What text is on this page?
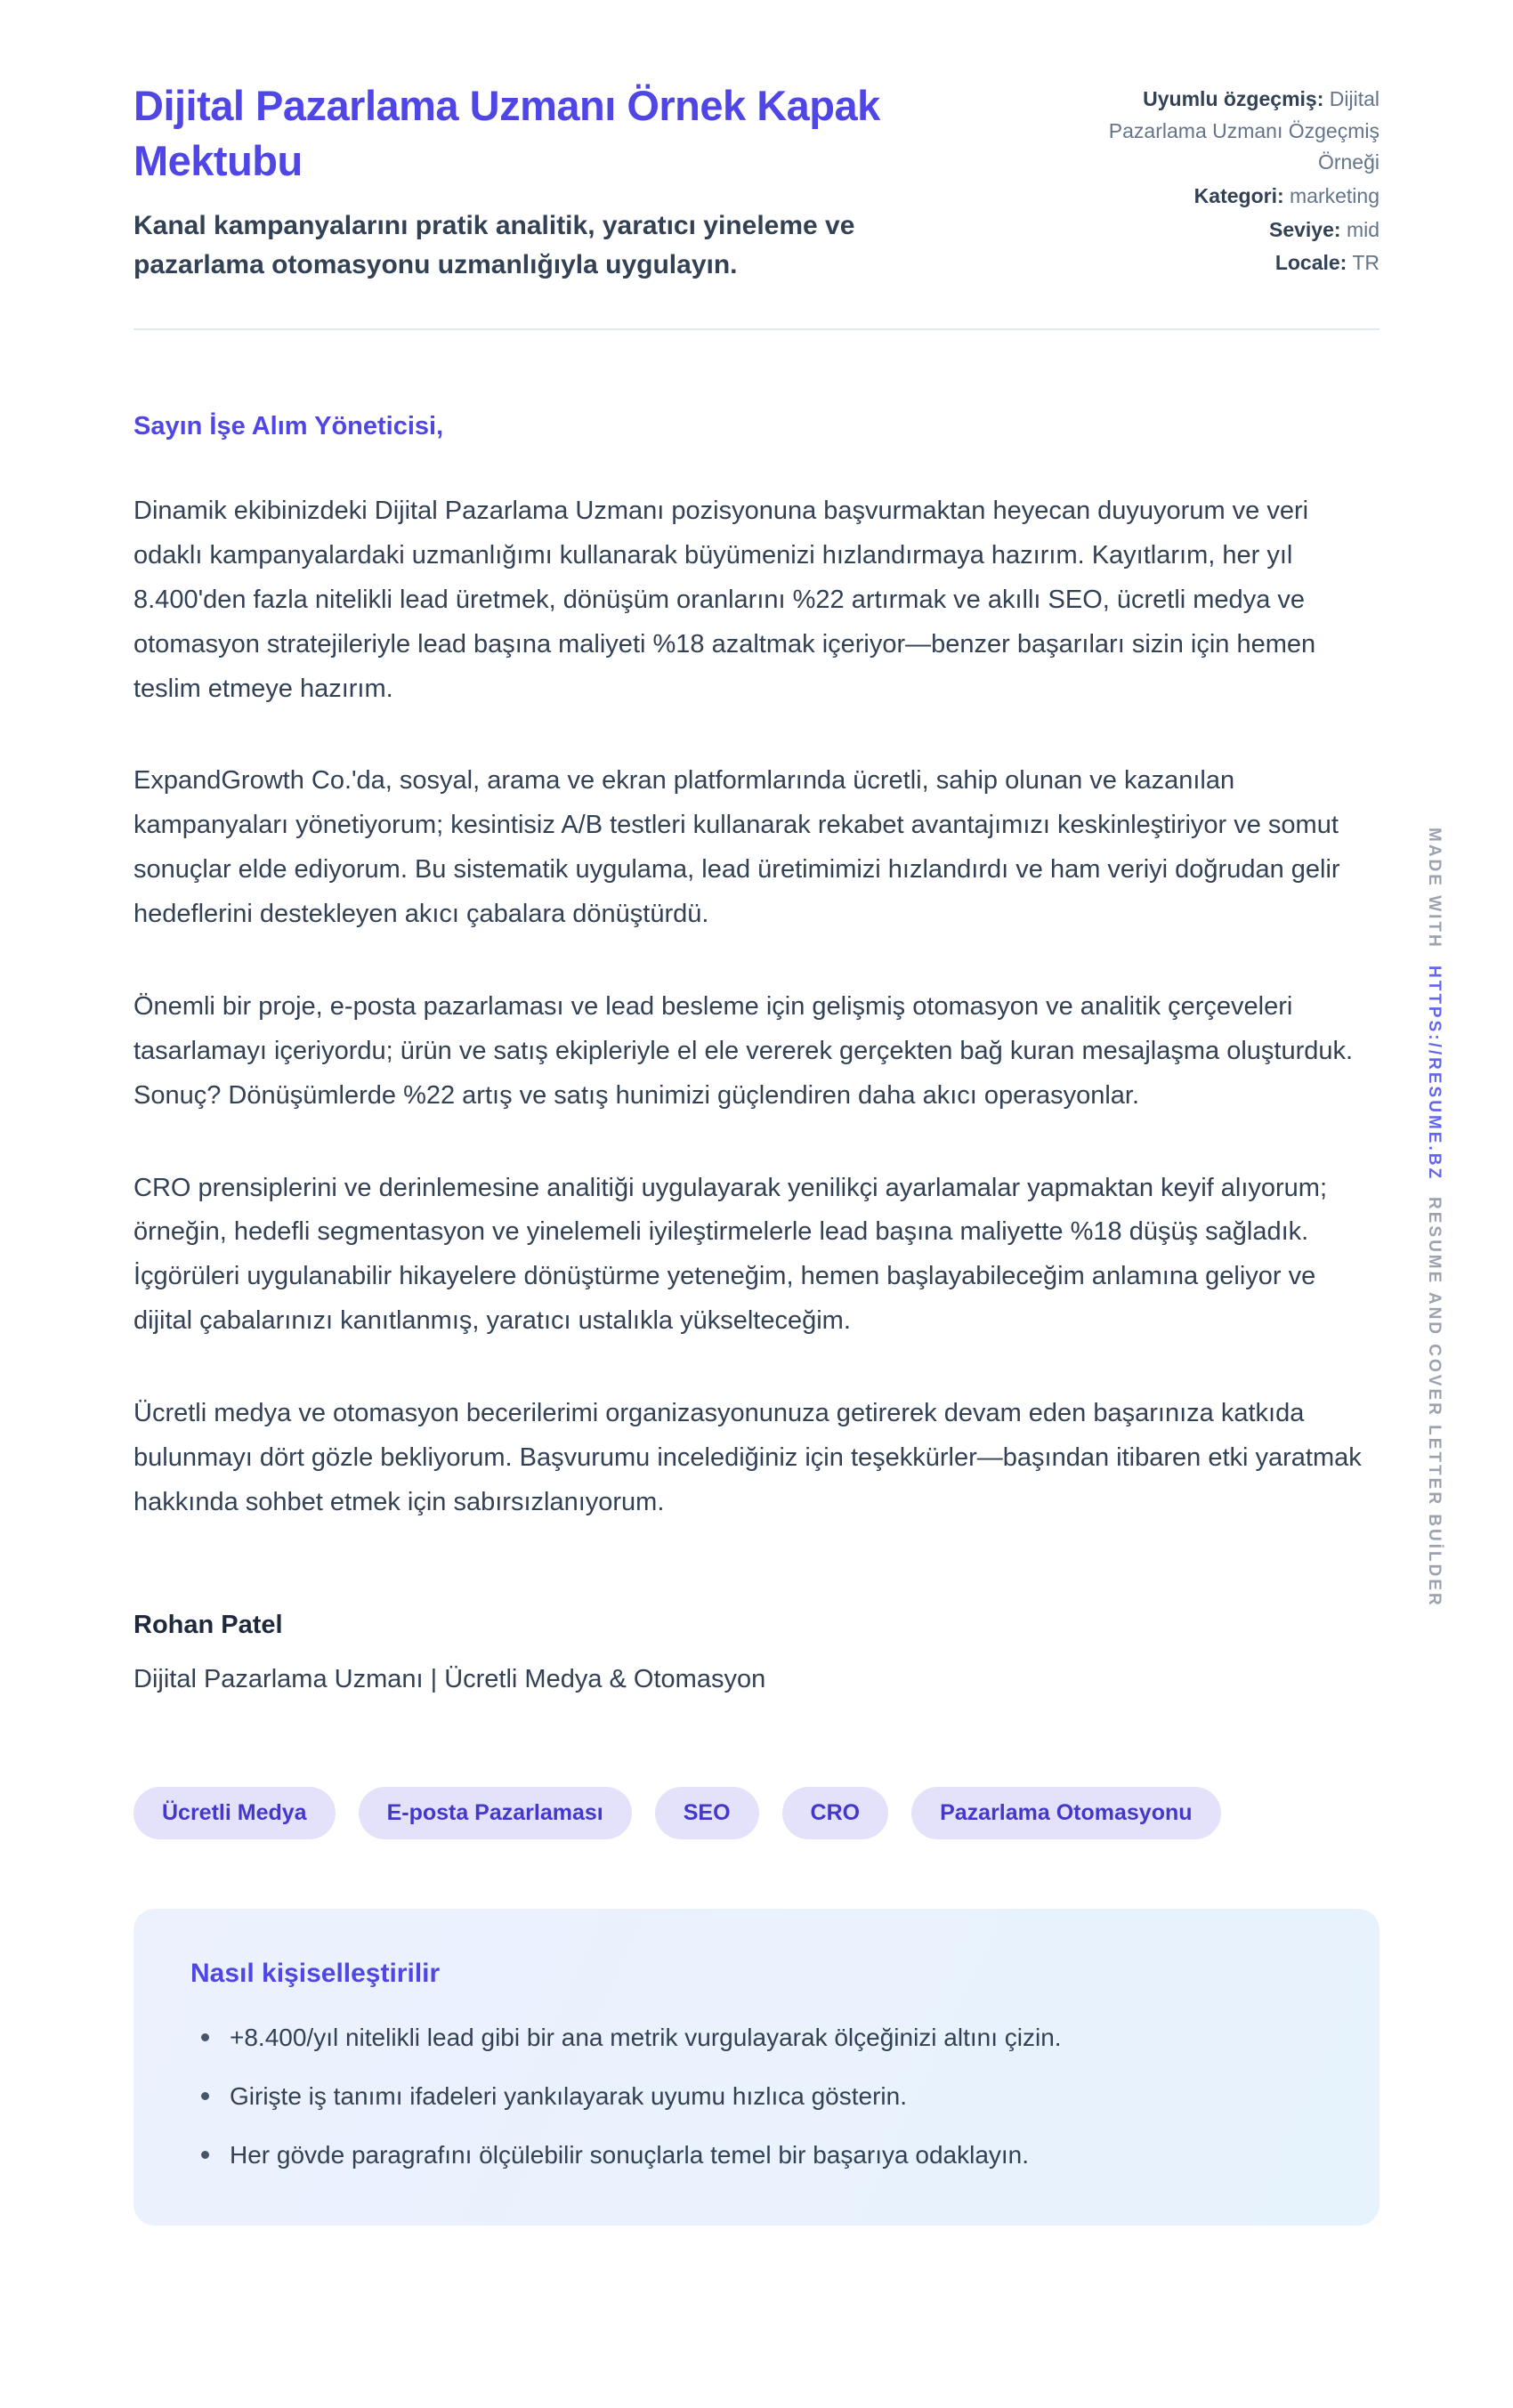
Dijital Pazarlama Uzmanı Örnek Kapak Mektubu

Kanal kampanyalarını pratik analitik, yaratıcı yineleme ve pazarlama otomasyonu uzmanlığıyla uygulayın.

Uyumlu özgeçmiş: Dijital Pazarlama Uzmanı Özgeçmiş Örneği
Kategori: marketing
Seviye: mid
Locale: TR

Sayın İşe Alım Yöneticisi,

Dinamik ekibinizdeki Dijital Pazarlama Uzmanı pozisyonuna başvurmaktan heyecan duyuyorum ve veri odaklı kampanyalardaki uzmanlığımı kullanarak büyümenizi hızlandırmaya hazırım. Kayıtlarım, her yıl 8.400'den fazla nitelikli lead üretmek, dönüşüm oranlarını %22 artırmak ve akıllı SEO, ücretli medya ve otomasyon stratejileriyle lead başına maliyeti %18 azaltmak içeriyor—benzer başarıları sizin için hemen teslim etmeye hazırım.

ExpandGrowth Co.'da, sosyal, arama ve ekran platformlarında ücretli, sahip olunan ve kazanılan kampanyaları yönetiyorum; kesintisiz A/B testleri kullanarak rekabet avantajımızı keskinleştiriyor ve somut sonuçlar elde ediyorum. Bu sistematik uygulama, lead üretimimizi hızlandırdı ve ham veriyi doğrudan gelir hedeflerini destekleyen akıcı çabalara dönüştürdü.

Önemli bir proje, e-posta pazarlaması ve lead besleme için gelişmiş otomasyon ve analitik çerçeveleri tasarlamayı içeriyordu; ürün ve satış ekipleriyle el ele vererek gerçekten bağ kuran mesajlaşma oluşturduk. Sonuç? Dönüşümlerde %22 artış ve satış hunimizi güçlendiren daha akıcı operasyonlar.

CRO prensiplerini ve derinlemesine analitiği uygulayarak yenilikçi ayarlamalar yapmaktan keyif alıyorum; örneğin, hedefli segmentasyon ve yinelemeli iyileştirmelerle lead başına maliyette %18 düşüş sağladık. İçgörüleri uygulanabilir hikayelere dönüştürme yeteneğim, hemen başlayabileceğim anlamına geliyor ve dijital çabalarınızı kanıtlanmış, yaratıcı ustalıkla yükselteceğim.

Ücretli medya ve otomasyon becerilerimi organizasyonunuza getirerek devam eden başarınıza katkıda bulunmayı dört gözle bekliyorum. Başvurumu incelediğiniz için teşekkürler—başından itibaren etki yaratmak hakkında sohbet etmek için sabırsızlanıyorum.

Rohan Patel

Dijital Pazarlama Uzmanı | Ücretli Medya & Otomasyon

Ücretli Medya	E-posta Pazarlaması	SEO	CRO	Pazarlama Otomasyonu
Nasıl kişiselleştirilir
+8.400/yıl nitelikli lead gibi bir ana metrik vurgulayarak ölçeğinizi altını çizin.
Girişte iş tanımı ifadeleri yankılayarak uyumu hızlıca gösterin.
Her gövde paragrafını ölçülebilir sonuçlarla temel bir başarıya odaklayın.
MADE WITH
HTTPS://RESUME.BZ
RESUME AND COVER LETTER BUİLDER
